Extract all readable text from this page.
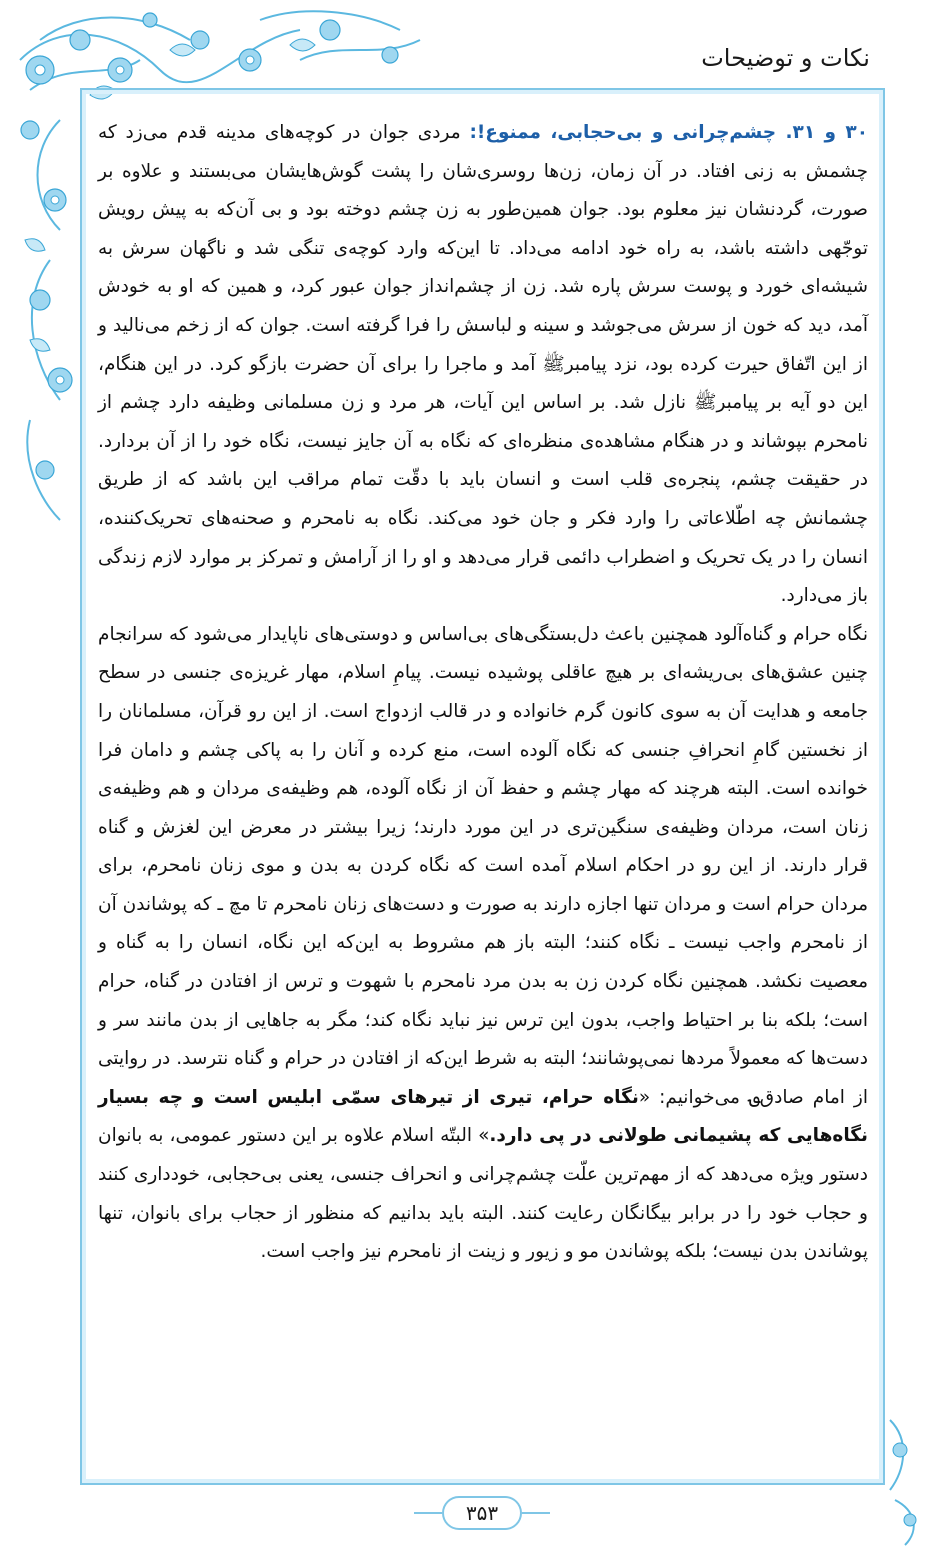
نکات و توضیحات

۳۰ و ۳۱. چشم‌چرانی و بی‌حجابی، ممنوع!: مردی جوان در کوچه‌های مدینه قدم می‌زد که چشمش به زنی افتاد. در آن زمان، زن‌ها روسری‌شان را پشت گوش‌هایشان می‌بستند و علاوه بر صورت، گردنشان نیز معلوم بود. جوان همین‌طور به زن چشم دوخته بود و بی آن‌که به پیش رویش توجّهی داشته باشد، به راه خود ادامه می‌داد. تا این‌که وارد کوچه‌ی تنگی شد و ناگهان سرش به شیشه‌ای خورد و پوست سرش پاره شد. زن از چشم‌انداز جوان عبور کرد، و همین که او به خودش آمد، دید که خون از سرش می‌جوشد و سینه و لباسش را فرا گرفته است. جوان که از زخم می‌نالید و از این اتّفاق حیرت کرده بود، نزد پیامبرﷺ آمد و ماجرا را برای آن حضرت بازگو کرد. در این هنگام، این دو آیه بر پیامبرﷺ نازل شد. بر اساس این آیات، هر مرد و زن مسلمانی وظیفه دارد چشم از نامحرم بپوشاند و در هنگام مشاهده‌ی منظره‌ای که نگاه به آن جایز نیست، نگاه خود را از آن بردارد. در حقیقت چشم، پنجره‌ی قلب است و انسان باید با دقّت تمام مراقب این باشد که از طریق چشمانش چه اطّلاعاتی را وارد فکر و جان خود می‌کند. نگاه به نامحرم و صحنه‌های تحریک‌کننده، انسان را در یک تحریک و اضطراب دائمی قرار می‌دهد و او را از آرامش و تمرکز بر موارد لازم زندگی باز می‌دارد.

نگاه حرام و گناه‌آلود همچنین باعث دل‌بستگی‌های بی‌اساس و دوستی‌های ناپایدار می‌شود که سرانجام چنین عشق‌های بی‌ریشه‌ای بر هیچ عاقلی پوشیده نیست. پیامِ اسلام، مهار غریزه‌ی جنسی در سطح جامعه و هدایت آن به سوی کانون گرم خانواده و در قالب ازدواج است. از این رو قرآن، مسلمانان را از نخستین گامِ انحرافِ جنسی که نگاه آلوده است، منع کرده و آنان را به پاکی چشم و دامان فرا خوانده است. البته هرچند که مهار چشم و حفظ آن از نگاه آلوده، هم وظیفه‌ی مردان و هم وظیفه‌ی زنان است، مردان وظیفه‌ی سنگین‌تری در این مورد دارند؛ زیرا بیشتر در معرض این لغزش و گناه قرار دارند. از این رو در احکام اسلام آمده است که نگاه کردن به بدن و موی زنان نامحرم، برای مردان حرام است و مردان تنها اجازه دارند به صورت و دست‌های زنان نامحرم تا مچ ـ که پوشاندن آن از نامحرم واجب نیست ـ نگاه کنند؛ البته باز هم مشروط به این‌که این نگاه، انسان را به گناه و معصیت نکشد. همچنین نگاه کردن زن به بدن مرد نامحرم با شهوت و ترس از افتادن در گناه، حرام است؛ بلکه بنا بر احتیاط واجب، بدون این ترس نیز نباید نگاه کند؛ مگر به جاهایی از بدن مانند سر و دست‌ها که معمولاً مردها نمی‌پوشانند؛ البته به شرط این‌که از افتادن در حرام و گناه نترسد. در روایتی از امام صادق؈ می‌خوانیم: «نگاه حرام، تیری از تیرهای سمّی ابلیس است و چه بسیار نگاه‌هایی که پشیمانی طولانی در پی دارد.» البتّه اسلام علاوه بر این دستور عمومی، به بانوان دستور ویژه می‌دهد که از مهم‌ترین علّت چشم‌چرانی و انحراف جنسی، یعنی بی‌حجابی، خودداری کنند و حجاب خود را در برابر بیگانگان رعایت کنند. البته باید بدانیم که منظور از حجاب برای بانوان، تنها پوشاندن بدن نیست؛ بلکه پوشاندن مو و زیور و زینت از نامحرم نیز واجب است.

۳۵۳
